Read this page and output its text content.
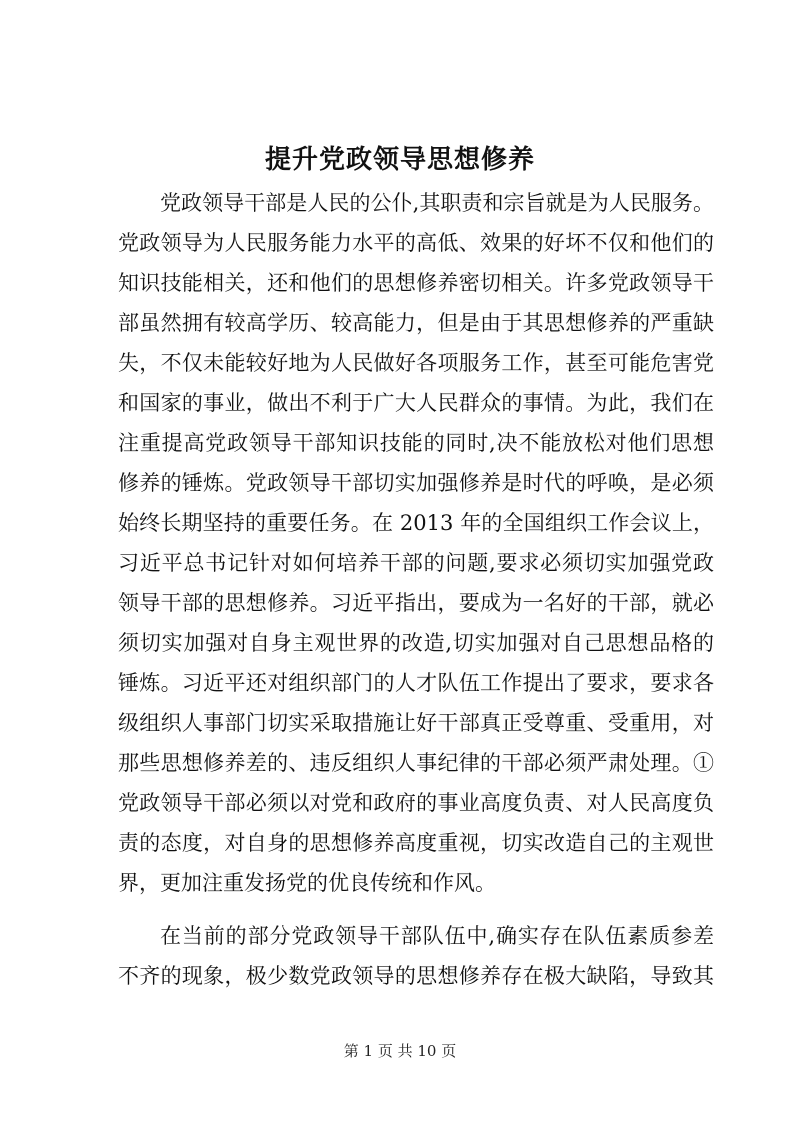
提升党政领导思想修养
党政领导干部是人民的公仆,其职责和宗旨就是为人民服务。
党政领导为人民服务能力水平的高低、效果的好坏不仅和他们的
知识技能相关，还和他们的思想修养密切相关。许多党政领导干
部虽然拥有较高学历、较高能力，但是由于其思想修养的严重缺
失，不仅未能较好地为人民做好各项服务工作，甚至可能危害党
和国家的事业，做出不利于广大人民群众的事情。为此，我们在
注重提高党政领导干部知识技能的同时,决不能放松对他们思想
修养的锤炼。党政领导干部切实加强修养是时代的呼唤，是必须
始终长期坚持的重要任务。在 2013 年的全国组织工作会议上，
习近平总书记针对如何培养干部的问题,要求必须切实加强党政
领导干部的思想修养。习近平指出，要成为一名好的干部，就必
须切实加强对自身主观世界的改造,切实加强对自己思想品格的
锤炼。习近平还对组织部门的人才队伍工作提出了要求，要求各
级组织人事部门切实采取措施让好干部真正受尊重、受重用，对
那些思想修养差的、违反组织人事纪律的干部必须严肃处理。①
党政领导干部必须以对党和政府的事业高度负责、对人民高度负
责的态度，对自身的思想修养高度重视，切实改造自己的主观世
界，更加注重发扬党的优良传统和作风。
在当前的部分党政领导干部队伍中,确实存在队伍素质参差
不齐的现象，极少数党政领导的思想修养存在极大缺陷，导致其
第 1 页 共 10 页
